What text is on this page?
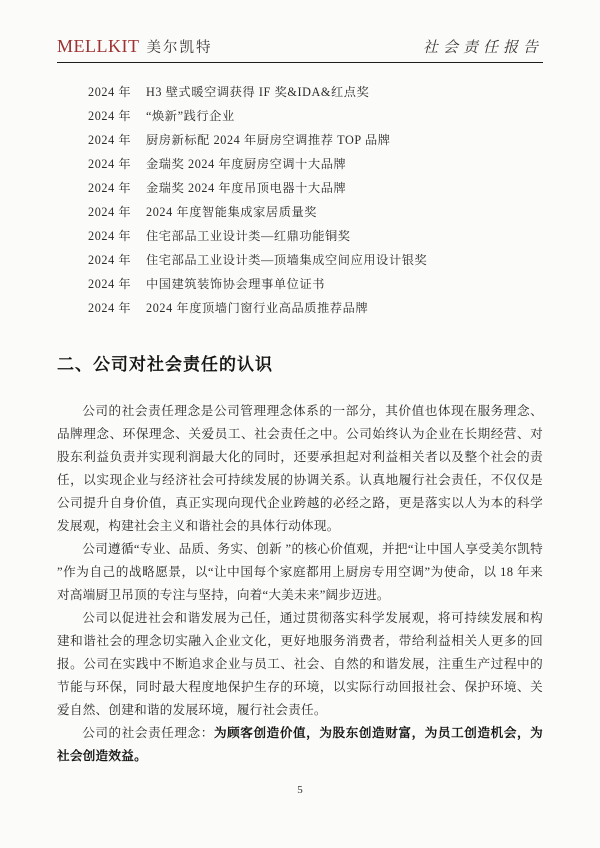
MELLKIT 美尔凯特	社会责任报告
2024 年 H3 壁式暖空调获得 IF 奖&IDA&红点奖
2024 年 “焕新”践行企业
2024 年 厨房新标配 2024 年厨房空调推荐 TOP 品牌
2024 年 金瑞奖 2024 年度厨房空调十大品牌
2024 年 金瑞奖 2024 年度吊顶电器十大品牌
2024 年 2024 年度智能集成家居质量奖
2024 年 住宅部品工业设计类—红鼎功能铜奖
2024 年 住宅部品工业设计类—顶墙集成空间应用设计银奖
2024 年 中国建筑装饰协会理事单位证书
2024 年 2024 年度顶墙门窗行业高品质推荐品牌
二、公司对社会责任的认识

公司的社会责任理念是公司管理理念体系的一部分，其价值也体现在服务理念、品牌理念、环保理念、关爱员工、社会责任之中。公司始终认为企业在长期经营、对股东利益负责并实现利润最大化的同时，还要承担起对利益相关者以及整个社会的责任，以实现企业与经济社会可持续发展的协调关系。认真地履行社会责任，不仅仅是公司提升自身价值，真正实现向现代企业跨越的必经之路，更是落实以人为本的科学发展观，构建社会主义和谐社会的具体行动体现。

公司遵循“专业、品质、务实、创新 ”的核心价值观，并把“让中国人享受美尔凯特 ”作为自己的战略愿景，以“让中国每个家庭都用上厨房专用空调”为使命，以 18 年来对高端厨卫吊顶的专注与坚持，向着“大美未来”阔步迈进。

公司以促进社会和谐发展为己任，通过贯彻落实科学发展观，将可持续发展和构建和谐社会的理念切实融入企业文化，更好地服务消费者，带给利益相关人更多的回报。公司在实践中不断追求企业与员工、社会、自然的和谐发展，注重生产过程中的节能与环保，同时最大程度地保护生存的环境，以实际行动回报社会、保护环境、关爱自然、创建和谐的发展环境，履行社会责任。

公司的社会责任理念：为顾客创造价值，为股东创造财富，为员工创造机会，为社会创造效益。

5
